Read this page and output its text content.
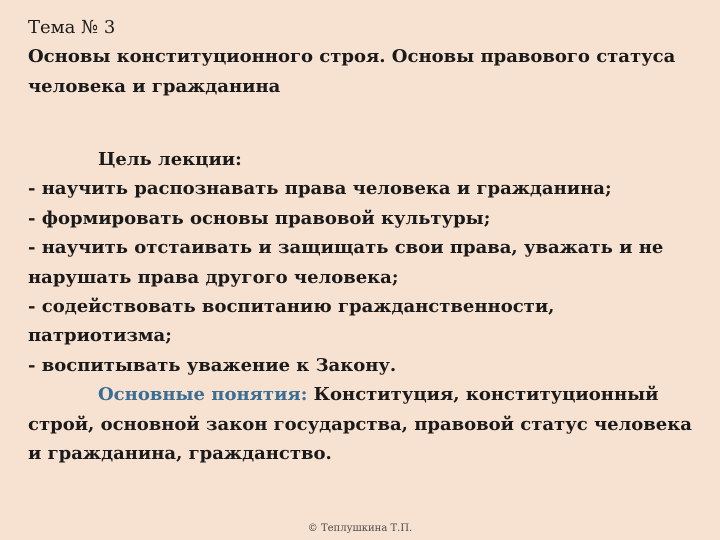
Тема № 3
Основы конституционного строя. Основы правового статуса человека и гражданина
Цель лекции:
- научить распознавать права человека и гражданина;
- формировать основы правовой культуры;
- научить отстаивать и защищать свои права, уважать и не нарушать права другого человека;
- содействовать воспитанию гражданственности, патриотизма;
- воспитывать уважение к Закону.
Основные понятия: Конституция, конституционный строй, основной закон государства, правовой статус человека и гражданина, гражданство.
© Теплушкина Т.П.
